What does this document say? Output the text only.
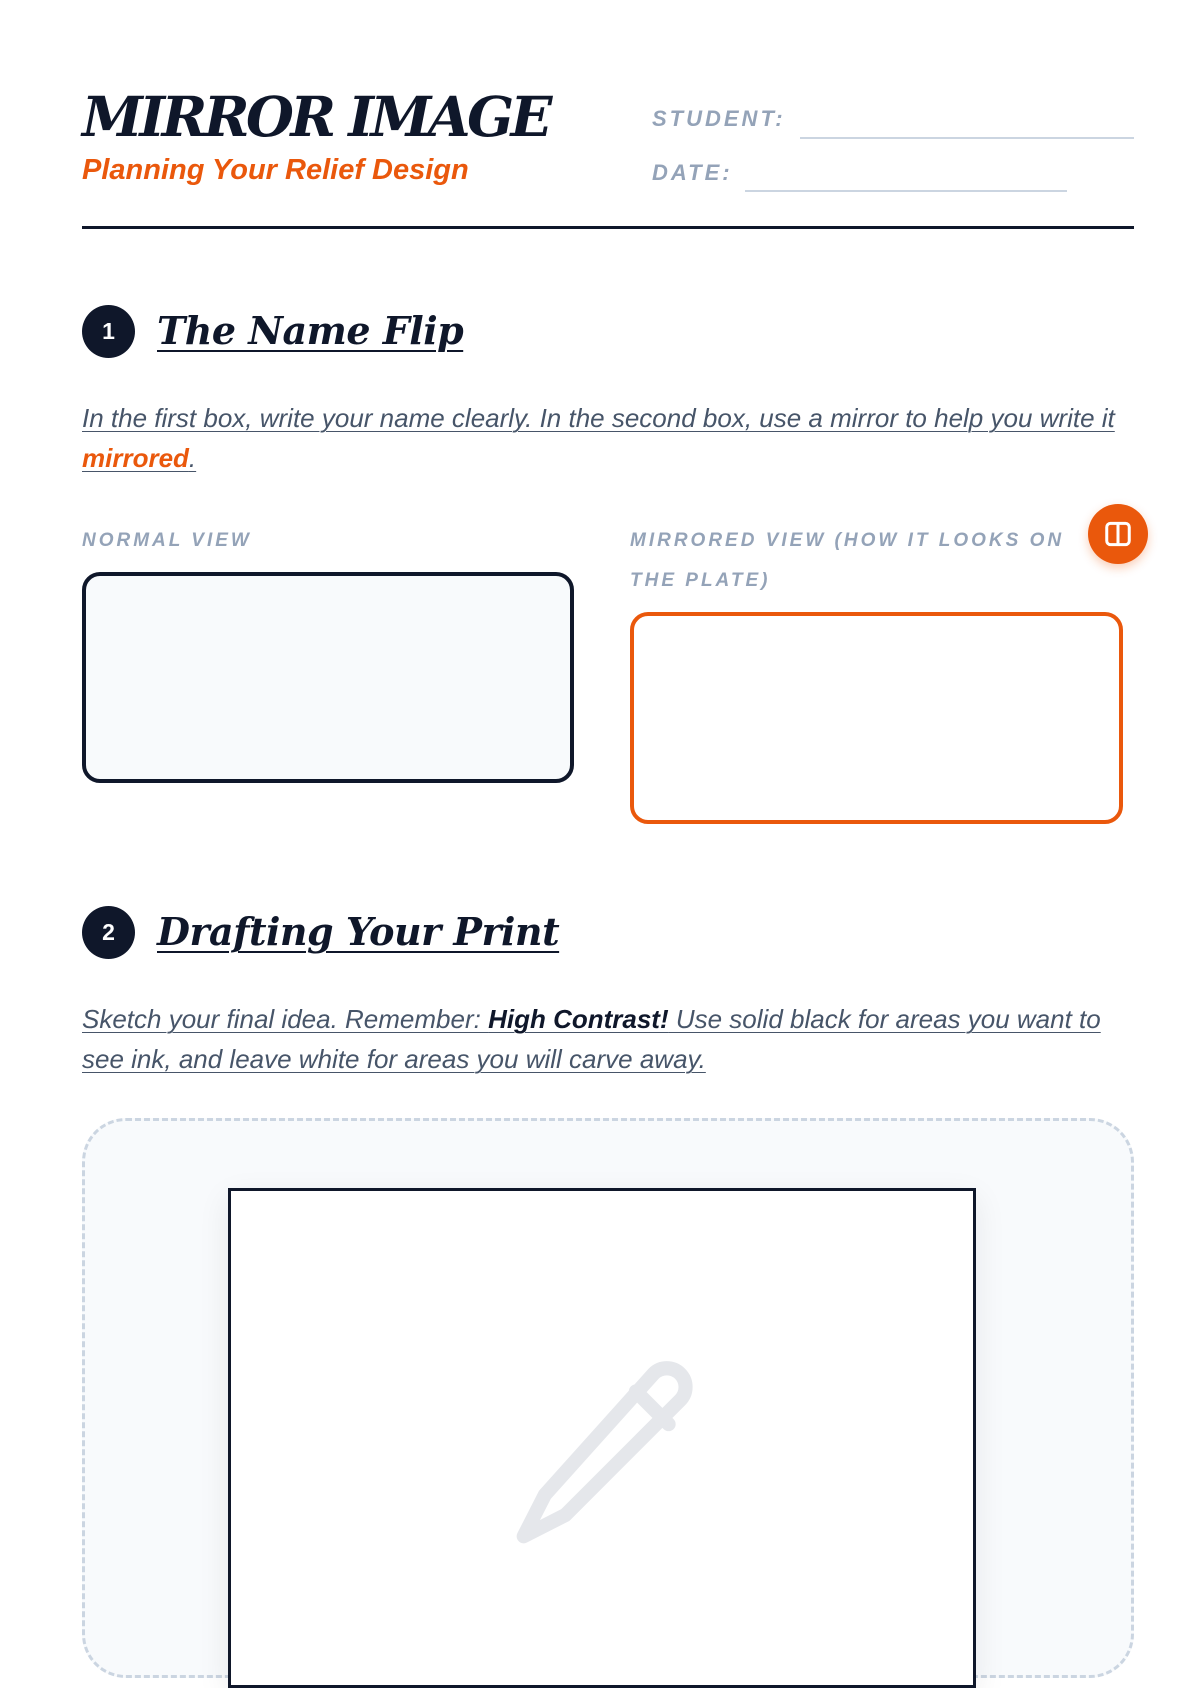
MIRROR IMAGE
Planning Your Relief Design
STUDENT:
DATE:
1	The Name Flip

In the first box, write your name clearly. In the second box, use a mirror to help you write it mirrored.

NORMAL VIEW	MIRRORED VIEW (HOW IT LOOKS ON THE PLATE)
2	Drafting Your Print

Sketch your final idea. Remember: High Contrast! Use solid black for areas you want to see ink, and leave white for areas you will carve away.
